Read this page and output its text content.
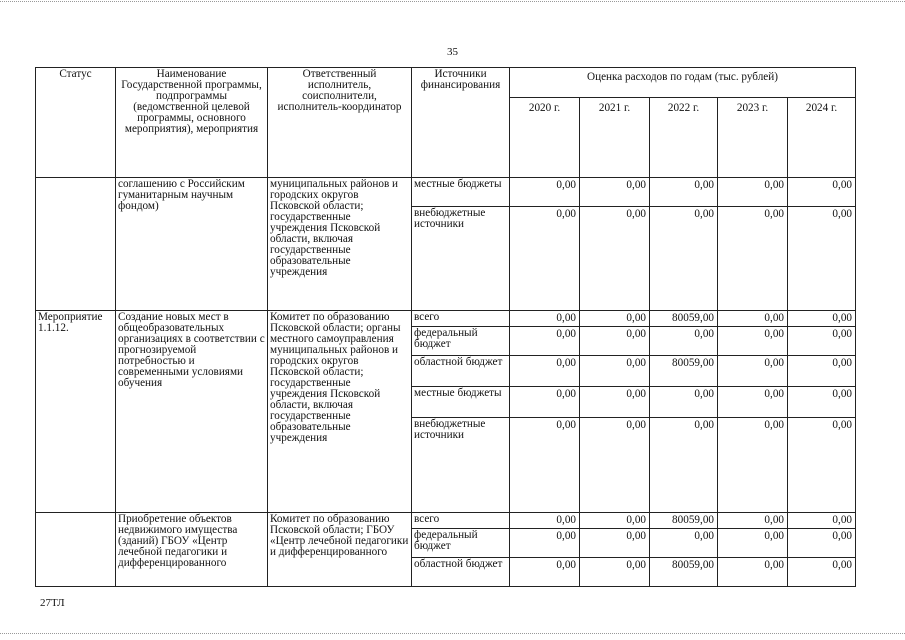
35
Статус	Наименование Государственной программы, подпрограммы (ведомственной целевой программы, основного мероприятия), мероприятия	Ответственный исполнитель, соисполнители, исполнитель-координатор	Источники финансирования	Оценка расходов по годам (тыс. рублей)				
				2020 г.	2021 г.	2022 г.	2023 г.	2024 г.
	соглашению с Российским гуманитарным научным фондом)	муниципальных районов и городских округов Псковской области; государственные учреждения Псковской области, включая государственные образовательные учреждения	местные бюджеты	0,00	0,00	0,00	0,00	0,00
			внебюджетные источники	0,00	0,00	0,00	0,00	0,00
Мероприятие 1.1.12.	Создание новых мест в общеобразовательных организациях в соответствии с прогнозируемой потребностью и современными условиями обучения	Комитет по образованию Псковской области; органы местного самоуправления муниципальных районов и городских округов Псковской области; государственные учреждения Псковской области, включая государственные образовательные учреждения	всего	0,00	0,00	80059,00	0,00	0,00
			федеральный бюджет	0,00	0,00	0,00	0,00	0,00
			областной бюджет	0,00	0,00	80059,00	0,00	0,00
			местные бюджеты	0,00	0,00	0,00	0,00	0,00
			внебюджетные источники	0,00	0,00	0,00	0,00	0,00
	Приобретение объектов недвижимого имущества (зданий) ГБОУ «Центр лечебной педагогики и дифференцированного	Комитет по образованию Псковской области; ГБОУ «Центр лечебной педагогики и дифференцированного	всего	0,00	0,00	80059,00	0,00	0,00
			федеральный бюджет	0,00	0,00	0,00	0,00	0,00
			областной бюджет	0,00	0,00	80059,00	0,00	0,00
27ТЛ
